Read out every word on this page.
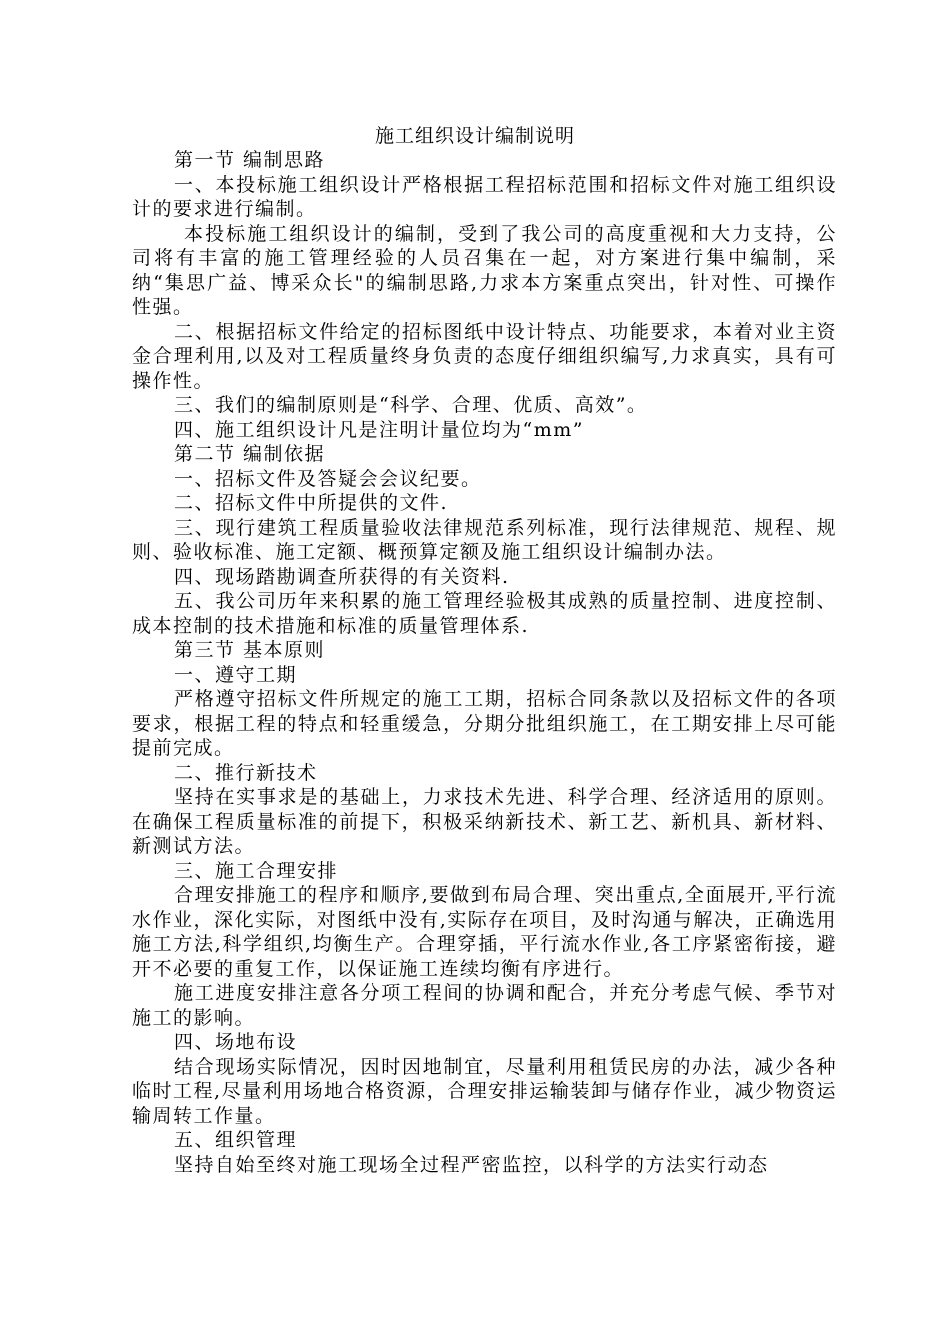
施工组织设计编制说明

第一节 编制思路

一、本投标施工组织设计严格根据工程招标范围和招标文件对施工组织设计的要求进行编制。

本投标施工组织设计的编制，受到了我公司的高度重视和大力支持，公司将有丰富的施工管理经验的人员召集在一起，对方案进行集中编制，采纳“集思广益、博采众长"的编制思路,力求本方案重点突出，针对性、可操作性强。

二、根据招标文件给定的招标图纸中设计特点、功能要求，本着对业主资金合理利用,以及对工程质量终身负责的态度仔细组织编写,力求真实，具有可操作性。

三、我们的编制原则是“科学、合理、优质、高效”。

四、施工组织设计凡是注明计量位均为“mm”

第二节 编制依据

一、招标文件及答疑会会议纪要。

二、招标文件中所提供的文件.

三、现行建筑工程质量验收法律规范系列标准，现行法律规范、规程、规则、验收标准、施工定额、概预算定额及施工组织设计编制办法。

四、现场踏勘调查所获得的有关资料.

五、我公司历年来积累的施工管理经验极其成熟的质量控制、进度控制、成本控制的技术措施和标准的质量管理体系.

第三节 基本原则

一、遵守工期

严格遵守招标文件所规定的施工工期，招标合同条款以及招标文件的各项要求，根据工程的特点和轻重缓急，分期分批组织施工，在工期安排上尽可能提前完成。

二、推行新技术

坚持在实事求是的基础上，力求技术先进、科学合理、经济适用的原则。在确保工程质量标准的前提下，积极采纳新技术、新工艺、新机具、新材料、新测试方法。

三、施工合理安排

合理安排施工的程序和顺序,要做到布局合理、突出重点,全面展开,平行流水作业，深化实际，对图纸中没有,实际存在项目，及时沟通与解决，正确选用施工方法,科学组织,均衡生产。合理穿插，平行流水作业,各工序紧密衔接，避开不必要的重复工作，以保证施工连续均衡有序进行。

施工进度安排注意各分项工程间的协调和配合，并充分考虑气候、季节对施工的影响。

四、场地布设

结合现场实际情况，因时因地制宜，尽量利用租赁民房的办法，减少各种临时工程,尽量利用场地合格资源，合理安排运输装卸与储存作业，减少物资运输周转工作量。

五、组织管理

坚持自始至终对施工现场全过程严密监控，以科学的方法实行动态
